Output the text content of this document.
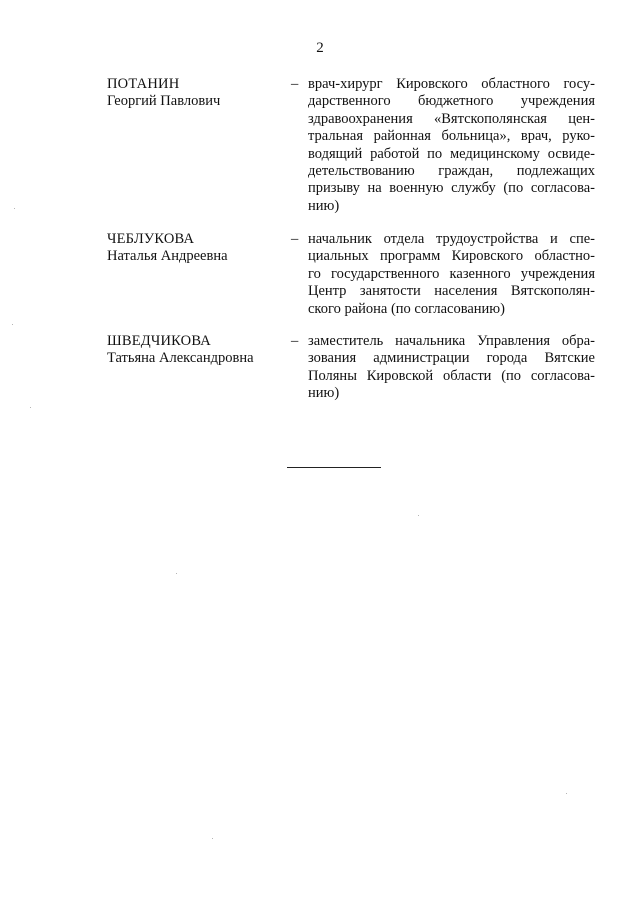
2
ПОТАНИН
Георгий Павлович
– врач-хирург Кировского областного госу-
дарственного бюджетного учреждения
здравоохранения «Вятскополянская цен-
тральная районная больница», врач, руко-
водящий работой по медицинскому освиде-
детельствованию граждан, подлежащих
призыву на военную службу (по согласова-
нию)
ЧЕБЛУКОВА
Наталья Андреевна
– начальник отдела трудоустройства и спе-
циальных программ Кировского областно-
го государственного казенного учреждения
Центр занятости населения Вятскополян-
ского района (по согласованию)
ШВЕДЧИКОВА
Татьяна Александровна
– заместитель начальника Управления обра-
зования администрации города Вятские
Поляны Кировской области (по согласова-
нию)
